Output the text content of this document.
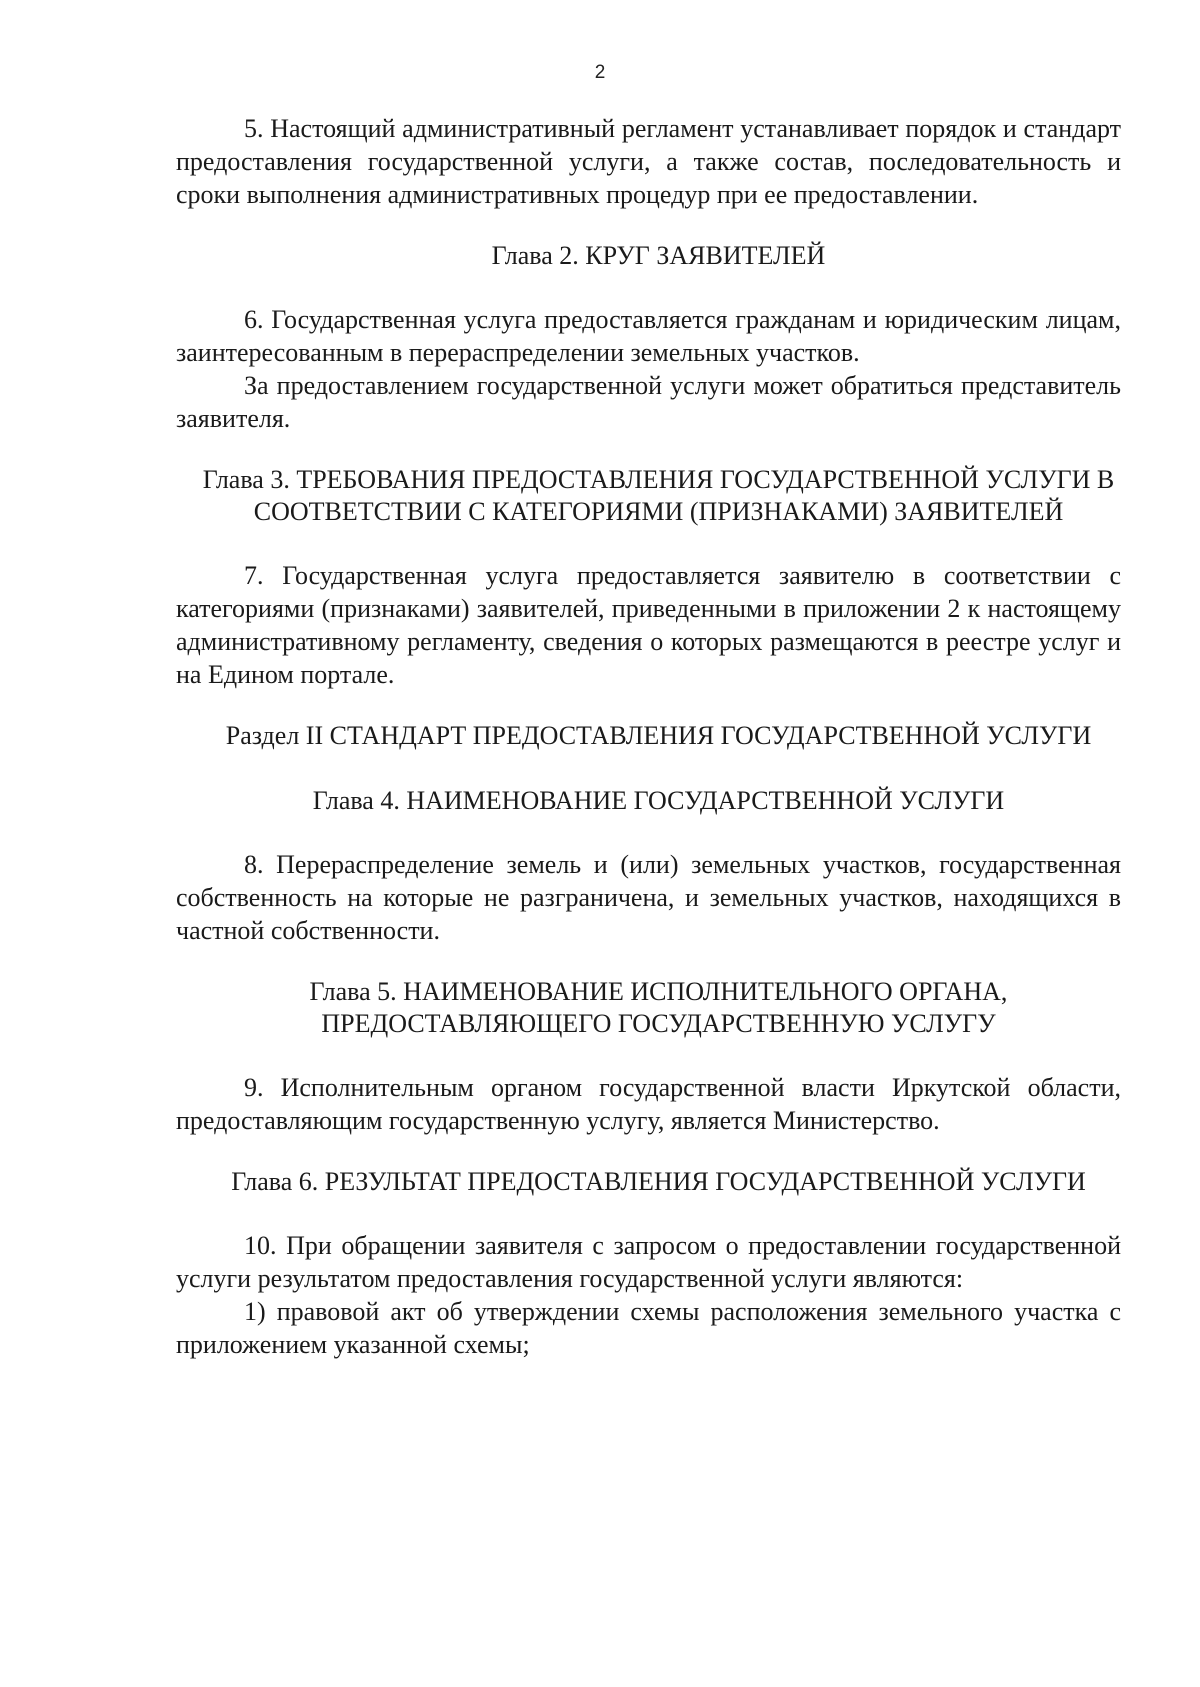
2

5. Настоящий административный регламент устанавливает порядок и стандарт предоставления государственной услуги, а также состав, последовательность и сроки выполнения административных процедур при ее предоставлении.

Глава 2. КРУГ ЗАЯВИТЕЛЕЙ

6. Государственная услуга предоставляется гражданам и юридическим лицам, заинтересованным в перераспределении земельных участков.

За предоставлением государственной услуги может обратиться представитель заявителя.

Глава 3. ТРЕБОВАНИЯ ПРЕДОСТАВЛЕНИЯ ГОСУДАРСТВЕННОЙ УСЛУГИ В СООТВЕТСТВИИ С КАТЕГОРИЯМИ (ПРИЗНАКАМИ) ЗАЯВИТЕЛЕЙ

7. Государственная услуга предоставляется заявителю в соответствии с категориями (признаками) заявителей, приведенными в приложении 2 к настоящему административному регламенту, сведения о которых размещаются в реестре услуг и на Едином портале.

Раздел II СТАНДАРТ ПРЕДОСТАВЛЕНИЯ ГОСУДАРСТВЕННОЙ УСЛУГИ

Глава 4. НАИМЕНОВАНИЕ ГОСУДАРСТВЕННОЙ УСЛУГИ

8. Перераспределение земель и (или) земельных участков, государственная собственность на которые не разграничена, и земельных участков, находящихся в частной собственности.

Глава 5. НАИМЕНОВАНИЕ ИСПОЛНИТЕЛЬНОГО ОРГАНА, ПРЕДОСТАВЛЯЮЩЕГО ГОСУДАРСТВЕННУЮ УСЛУГУ

9. Исполнительным органом государственной власти Иркутской области, предоставляющим государственную услугу, является Министерство.

Глава 6. РЕЗУЛЬТАТ ПРЕДОСТАВЛЕНИЯ ГОСУДАРСТВЕННОЙ УСЛУГИ

10. При обращении заявителя с запросом о предоставлении государственной услуги результатом предоставления государственной услуги являются:

1) правовой акт об утверждении схемы расположения земельного участка с приложением указанной схемы;
